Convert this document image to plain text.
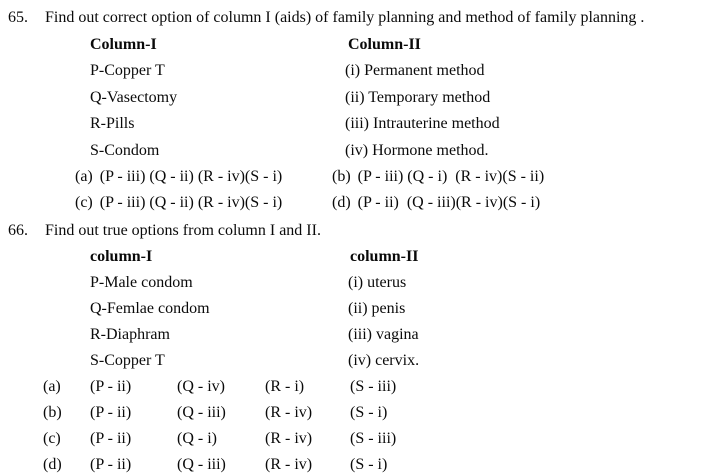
65. Find out correct option of column I (aids) of family planning and method of family planning .
Column-I	Column-II
P-Copper T	(i) Permanent method
Q-Vasectomy	(ii) Temporary method
R-Pills	(iii) Intrauterine method
S-Condom	(iv) Hormone method.
(a) (P - iii) (Q - ii) (R - iv)(S - i)	(b) (P - iii) (Q - i)  (R - iv)(S - ii)
(c) (P - iii) (Q - ii) (R - iv)(S - i)	(d) (P - ii)  (Q - iii)(R - iv)(S - i)
66. Find out true options from column I and II.
column-I	column-II
P-Male condom	(i) uterus
Q-Femlae condom	(ii) penis
R-Diaphram	(iii) vagina
S-Copper T	(iv) cervix.
(a) (P - ii)	(Q - iv)	(R - i)	(S - iii)
(b) (P - ii)	(Q - iii) (R - iv) (S - i)
(c) (P - ii)	(Q - i)	(R - iv) (S - iii)
(d) (P - ii)	(Q - iii) (R - iv) (S - i)
